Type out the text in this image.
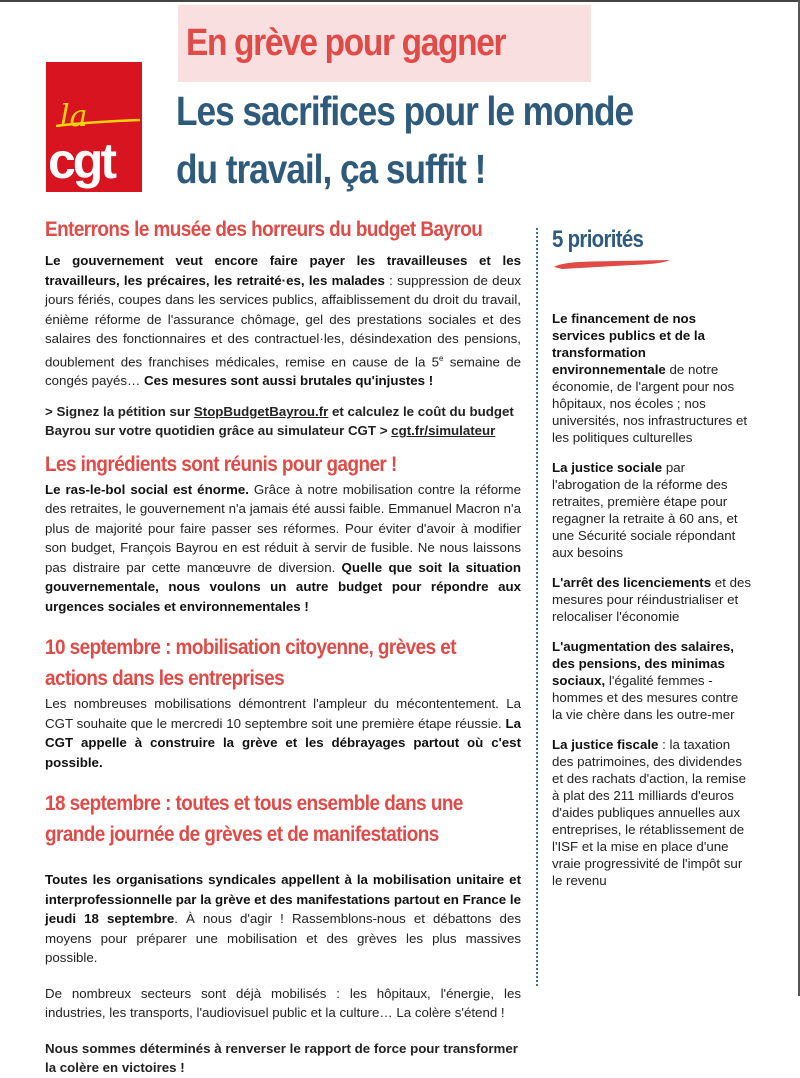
En grève pour gagner
la
cgt
Les sacrifices pour le monde
du travail, ça suffit !
Enterrons le musée des horreurs du budget Bayrou

Le gouvernement veut encore faire payer les travailleuses et les travailleurs, les précaires, les retraité·es, les malades : suppression de deux jours fériés, coupes dans les services publics, affaiblissement du droit du travail, énième réforme de l'assurance chômage, gel des prestations sociales et des salaires des fonctionnaires et des contractuel·les, désindexation des pensions, doublement des franchises médicales, remise en cause de la 5e semaine de congés payés… Ces mesures sont aussi brutales qu'injustes !

> Signez la pétition sur StopBudgetBayrou.fr et calculez le coût du budget Bayrou sur votre quotidien grâce au simulateur CGT > cgt.fr/simulateur

Les ingrédients sont réunis pour gagner !

Le ras-le-bol social est énorme. Grâce à notre mobilisation contre la réforme des retraites, le gouvernement n'a jamais été aussi faible. Emmanuel Macron n'a plus de majorité pour faire passer ses réformes. Pour éviter d'avoir à modifier son budget, François Bayrou en est réduit à servir de fusible. Ne nous laissons pas distraire par cette manœuvre de diversion. Quelle que soit la situation gouvernementale, nous voulons un autre budget pour répondre aux urgences sociales et environnementales !

10 septembre : mobilisation citoyenne, grèves et
actions dans les entreprises

Les nombreuses mobilisations démontrent l'ampleur du mécontentement. La CGT souhaite que le mercredi 10 septembre soit une première étape réussie. La CGT appelle à construire la grève et les débrayages partout où c'est possible.

18 septembre : toutes et tous ensemble dans une
grande journée de grèves et de manifestations

Toutes les organisations syndicales appellent à la mobilisation unitaire et interprofessionnelle par la grève et des manifestations partout en France le jeudi 18 septembre. À nous d'agir ! Rassemblons-nous et débattons des moyens pour préparer une mobilisation et des grèves les plus massives possible.

De nombreux secteurs sont déjà mobilisés : les hôpitaux, l'énergie, les industries, les transports, l'audiovisuel public et la culture… La colère s'étend !

Nous sommes déterminés à renverser le rapport de force pour transformer la colère en victoires !

5 priorités

Le financement de nos services publics et de la transformation environnementale de notre économie, de l'argent pour nos hôpitaux, nos écoles ; nos universités, nos infrastructures et les politiques culturelles

La justice sociale par l'abrogation de la réforme des retraites, première étape pour regagner la retraite à 60 ans, et une Sécurité sociale répondant aux besoins

L'arrêt des licenciements et des mesures pour réindustrialiser et relocaliser l'économie

L'augmentation des salaires, des pensions, des minimas sociaux, l'égalité femmes - hommes et des mesures contre la vie chère dans les outre-mer

La justice fiscale : la taxation des patrimoines, des dividendes et des rachats d'action, la remise à plat des 211 milliards d'euros d'aides publiques annuelles aux entreprises, le rétablissement de l'ISF et la mise en place d'une vraie progressivité de l'impôt sur le revenu
